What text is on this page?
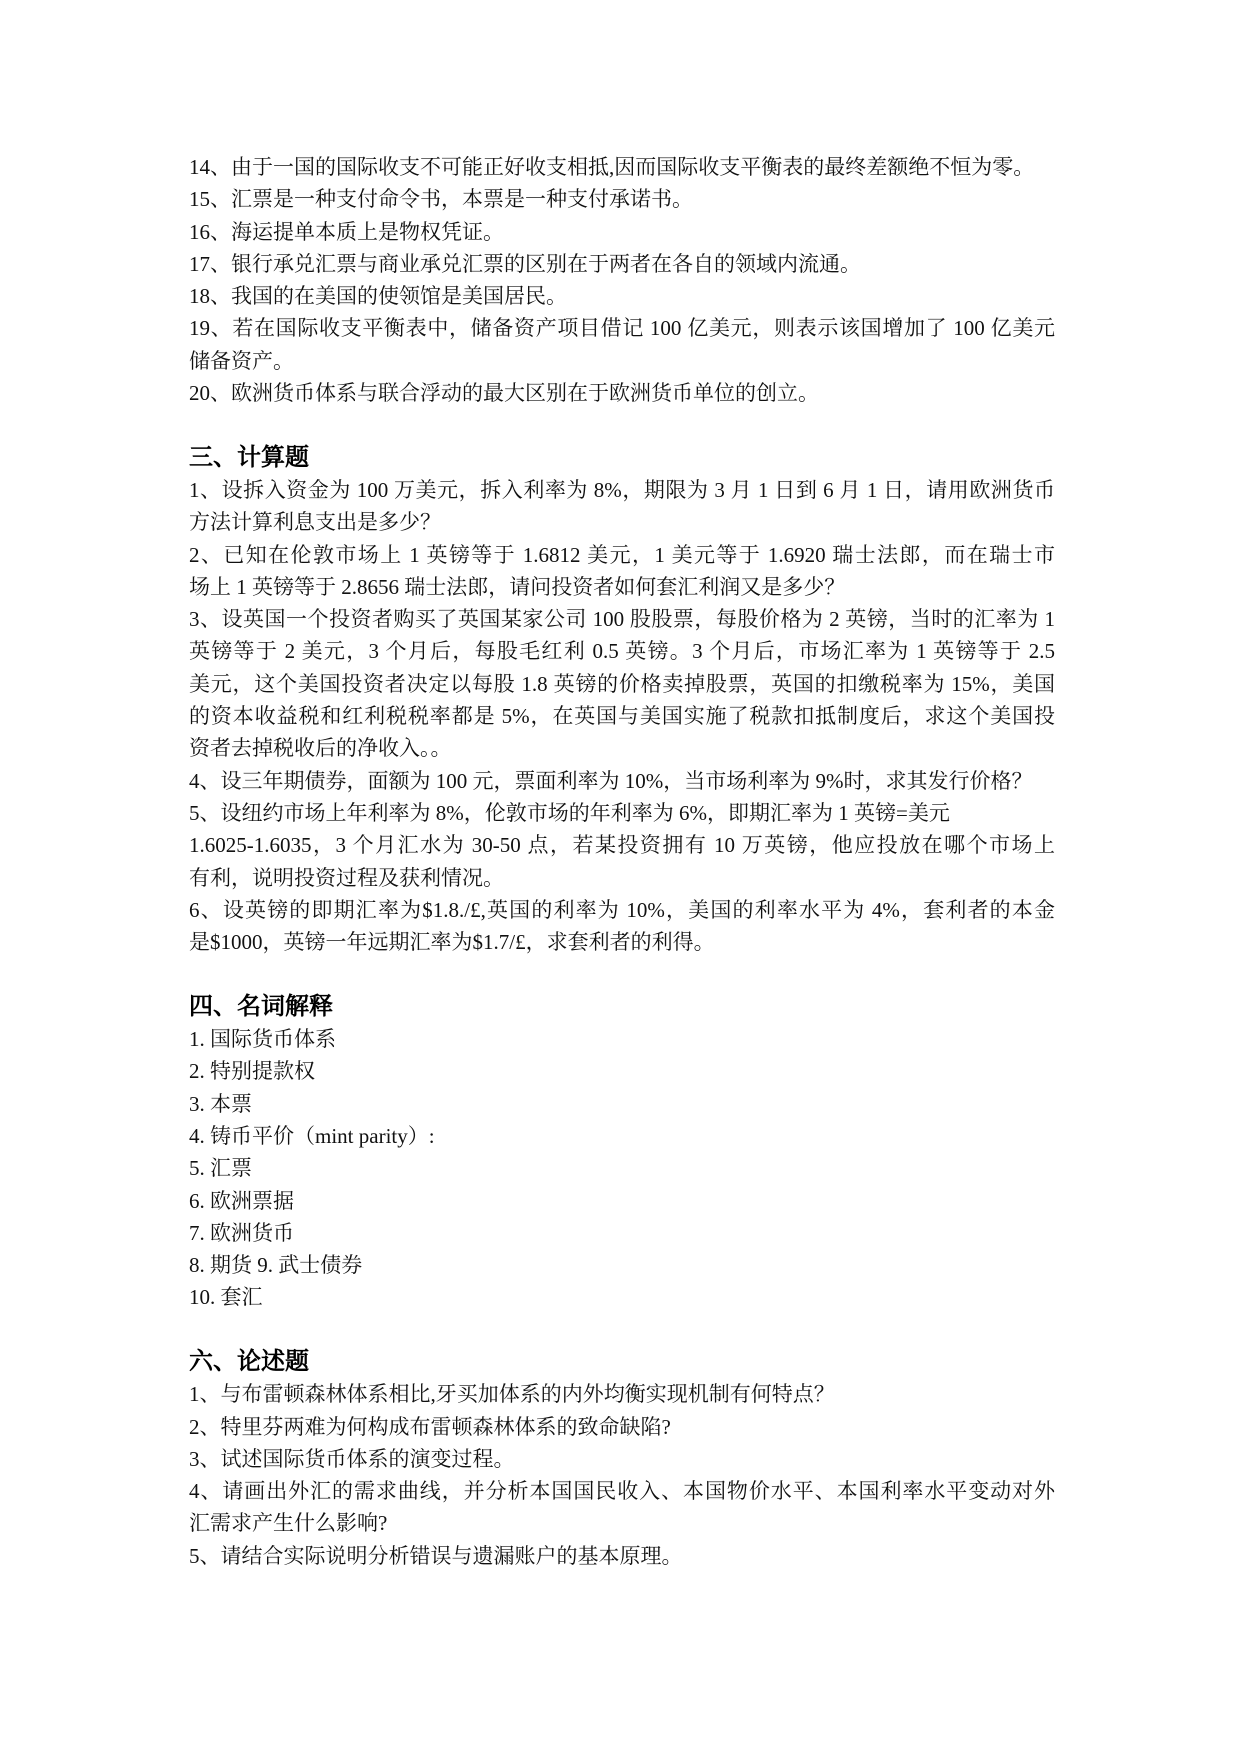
14、由于一国的国际收支不可能正好收支相抵,因而国际收支平衡表的最终差额绝不恒为零。
15、汇票是一种支付命令书，本票是一种支付承诺书。
16、海运提单本质上是物权凭证。
17、银行承兑汇票与商业承兑汇票的区别在于两者在各自的领域内流通。
18、我国的在美国的使领馆是美国居民。
19、若在国际收支平衡表中，储备资产项目借记 100 亿美元，则表示该国增加了 100 亿美元
储备资产。
20、欧洲货币体系与联合浮动的最大区别在于欧洲货币单位的创立。
三、计算题
1、设拆入资金为 100 万美元，拆入利率为 8%，期限为 3 月 1 日到 6 月 1 日，请用欧洲货币
方法计算利息支出是多少？
2、已知在伦敦市场上 1 英镑等于 1.6812 美元，1 美元等于 1.6920 瑞士法郎，而在瑞士市
场上 1 英镑等于 2.8656 瑞士法郎，请问投资者如何套汇利润又是多少？
3、设英国一个投资者购买了英国某家公司 100 股股票，每股价格为 2 英镑，当时的汇率为 1
英镑等于 2 美元，3 个月后，每股毛红利 0.5 英镑。3 个月后，市场汇率为 1 英镑等于 2.5
美元，这个美国投资者决定以每股 1.8 英镑的价格卖掉股票，英国的扣缴税率为 15%，美国
的资本收益税和红利税税率都是 5%，在英国与美国实施了税款扣抵制度后，求这个美国投
资者去掉税收后的净收入。。
4、设三年期债券，面额为 100 元，票面利率为 10%，当市场利率为 9%时，求其发行价格？
5、设纽约市场上年利率为 8%，伦敦市场的年利率为 6%，即期汇率为 1 英镑=美元
1.6025-1.6035，3 个月汇水为 30-50 点，若某投资拥有 10 万英镑，他应投放在哪个市场上
有利，说明投资过程及获利情况。
6、设英镑的即期汇率为$1.8./£,英国的利率为 10%，美国的利率水平为 4%，套利者的本金
是$1000，英镑一年远期汇率为$1.7/£，求套利者的利得。
四、名词解释
1. 国际货币体系
2. 特别提款权
3. 本票
4. 铸币平价（mint parity）:
5. 汇票
6. 欧洲票据
7. 欧洲货币
8. 期货 9. 武士债券
10. 套汇
六、论述题
1、与布雷顿森林体系相比,牙买加体系的内外均衡实现机制有何特点？
2、特里芬两难为何构成布雷顿森林体系的致命缺陷?
3、试述国际货币体系的演变过程。
4、请画出外汇的需求曲线，并分析本国国民收入、本国物价水平、本国利率水平变动对外
汇需求产生什么影响?
5、请结合实际说明分析错误与遗漏账户的基本原理。
